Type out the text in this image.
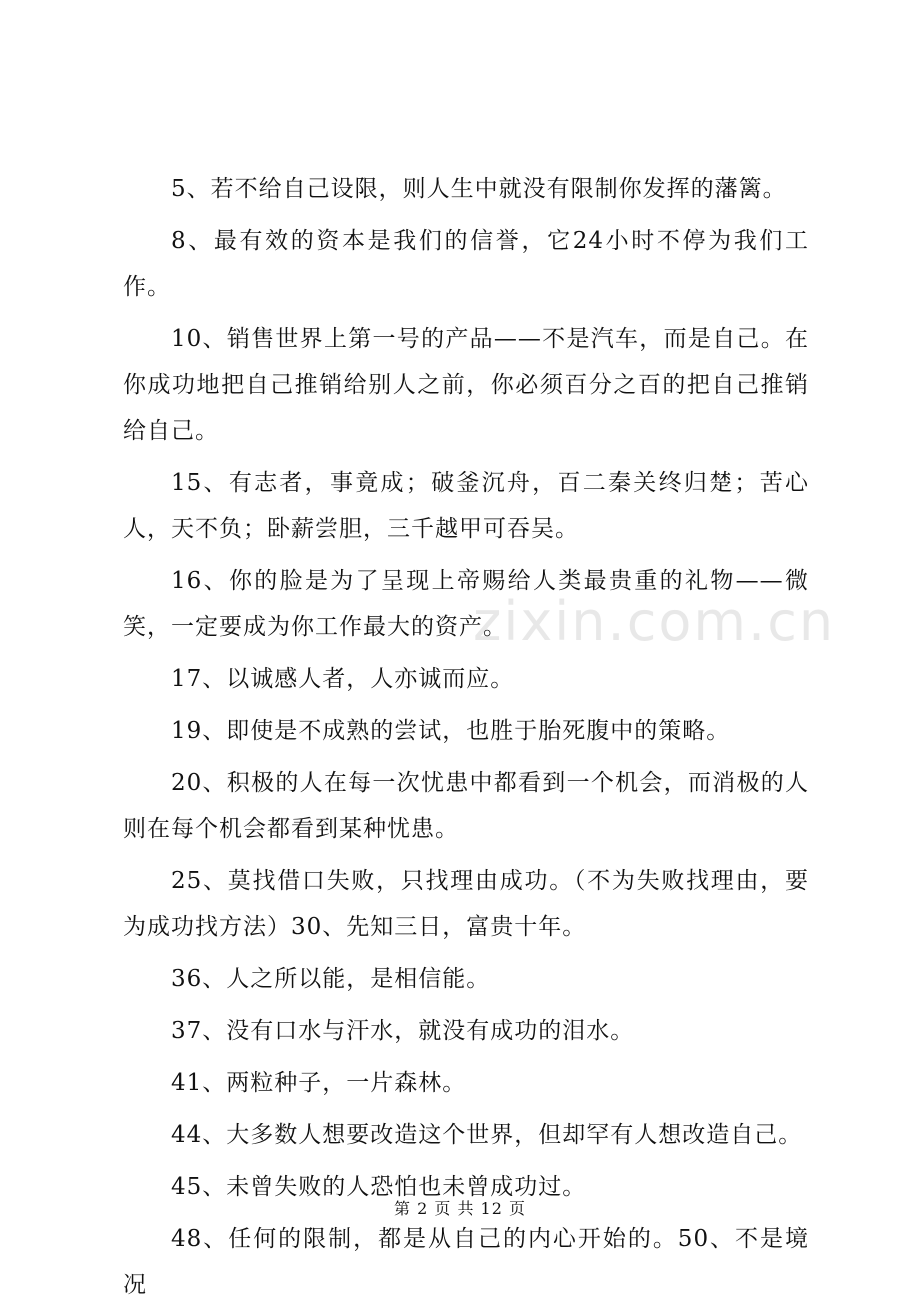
5、若不给自己设限，则人生中就没有限制你发挥的藩篱。

8、最有效的资本是我们的信誉，它24小时不停为我们工作。

10、销售世界上第一号的产品——不是汽车，而是自己。在你成功地把自己推销给别人之前，你必须百分之百的把自己推销给自己。

15、有志者，事竟成；破釜沉舟，百二秦关终归楚；苦心人，天不负；卧薪尝胆，三千越甲可吞吴。

16、你的脸是为了呈现上帝赐给人类最贵重的礼物——微笑，一定要成为你工作最大的资产。

17、以诚感人者，人亦诚而应。

19、即使是不成熟的尝试，也胜于胎死腹中的策略。

20、积极的人在每一次忧患中都看到一个机会，而消极的人则在每个机会都看到某种忧患。

25、莫找借口失败，只找理由成功。（不为失败找理由，要为成功找方法）30、先知三日，富贵十年。

36、人之所以能，是相信能。

37、没有口水与汗水，就没有成功的泪水。

41、两粒种子，一片森林。

44、大多数人想要改造这个世界，但却罕有人想改造自己。

45、未曾失败的人恐怕也未曾成功过。

48、任何的限制，都是从自己的内心开始的。50、不是境况

zixin.com.cn
第 2 页 共 12 页
